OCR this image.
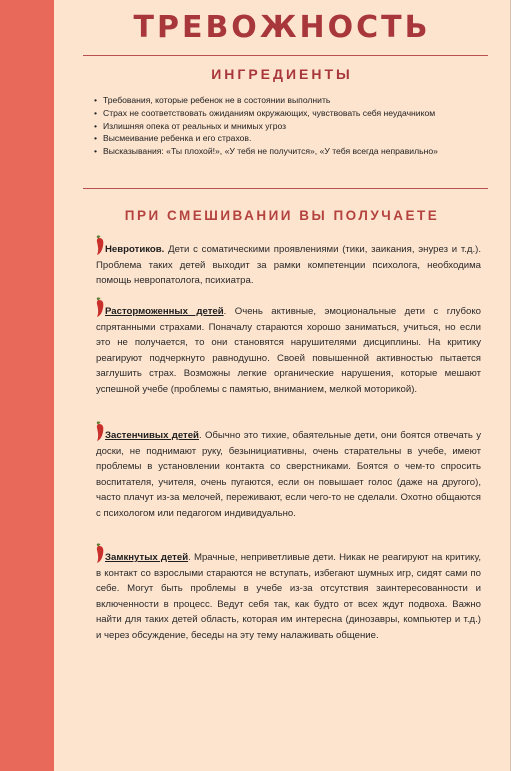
ТРЕВОЖНОСТЬ
ИНГРЕДИЕНТЫ
• Требования, которые ребенок не в состоянии выполнить
• Страх не соответствовать ожиданиям окружающих, чувствовать себя неудачником
• Излишняя опека от реальных и мнимых угроз
• Высмеивание ребенка и его страхов.
• Высказывания: «Ты плохой!», «У тебя не получится», «У тебя всегда неправильно»
ПРИ СМЕШИВАНИИ ВЫ ПОЛУЧАЕТЕ
Невротиков. Дети с соматическими проявлениями (тики, заикания, энурез и т.д.). Проблема таких детей выходит за рамки компетенции психолога, необходима помощь невропатолога, психиатра.
Расторможенных детей. Очень активные, эмоциональные дети с глубоко спрятанными страхами. Поначалу стараются хорошо заниматься, учиться, но если это не получается, то они становятся нарушителями дисциплины. На критику реагируют подчеркнуто равнодушно. Своей повышенной активностью пытается заглушить страх. Возможны легкие органические нарушения, которые мешают успешной учебе (проблемы с памятью, вниманием, мелкой моторикой).
Застенчивых детей. Обычно это тихие, обаятельные дети, они боятся отвечать у доски, не поднимают руку, безынициативны, очень старательны в учебе, имеют проблемы в установлении контакта со сверстниками. Боятся о чем-то спросить воспитателя, учителя, очень пугаются, если он повышает голос (даже на другого), часто плачут из-за мелочей, переживают, если чего-то не сделали. Охотно общаются с психологом или педагогом индивидуально.
Замкнутых детей. Мрачные, неприветливые дети. Никак не реагируют на критику, в контакт со взрослыми стараются не вступать, избегают шумных игр, сидят сами по себе. Могут быть проблемы в учебе из-за отсутствия заинтересованности и включенности в процесс. Ведут себя так, как будто от всех ждут подвоха. Важно найти для таких детей область, которая им интересна (динозавры, компьютер и т.д.) и через обсуждение, беседы на эту тему налаживать общение.
